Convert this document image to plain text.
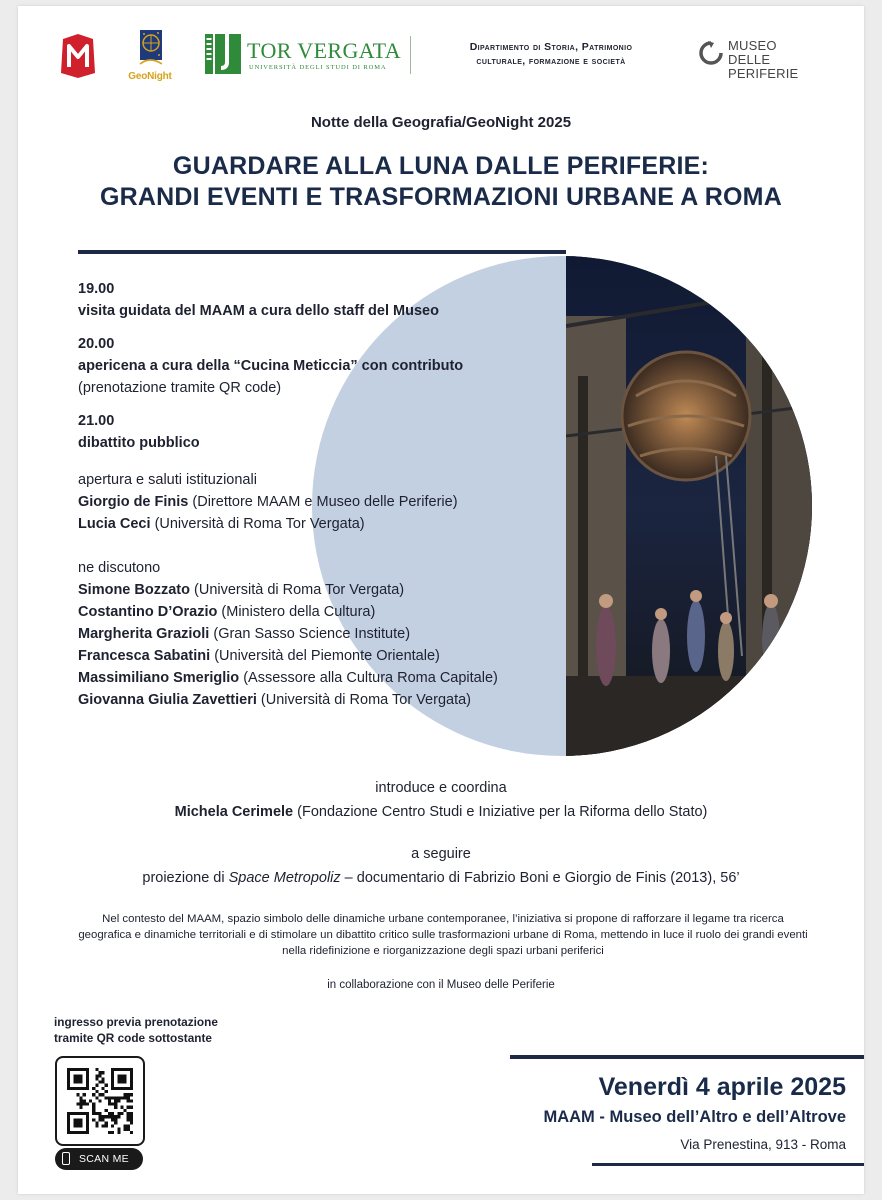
GeoNight
TOR VERGATA
UNIVERSITÀ DEGLI STUDI DI ROMA
Dipartimento di Storia, Patrimonio
culturale, formazione e società
MUSEO
DELLE PERIFERIE
Notte della Geografia/GeoNight 2025
GUARDARE ALLA LUNA DALLE PERIFERIE:
GRANDI EVENTI E TRASFORMAZIONI URBANE A ROMA
19.00
visita guidata del MAAM a cura dello staff del Museo
20.00
apericena a cura della “Cucina Meticcia” con contributo
(prenotazione tramite QR code)
21.00
dibattito pubblico
apertura e saluti istituzionali
Giorgio de Finis (Direttore MAAM e Museo delle Periferie)
Lucia Ceci (Università di Roma Tor Vergata)
ne discutono
Simone Bozzato (Università di Roma Tor Vergata)
Costantino D’Orazio (Ministero della Cultura)
Margherita Grazioli (Gran Sasso Science Institute)
Francesca Sabatini (Università del Piemonte Orientale)
Massimiliano Smeriglio (Assessore alla Cultura Roma Capitale)
Giovanna Giulia Zavettieri (Università di Roma Tor Vergata)
introduce e coordina
Michela Cerimele (Fondazione Centro Studi e Iniziative per la Riforma dello Stato)
a seguire
proiezione di Space Metropoliz – documentario di Fabrizio Boni e Giorgio de Finis (2013), 56’
Nel contesto del MAAM, spazio simbolo delle dinamiche urbane contemporanee, l’iniziativa si propone di rafforzare il legame tra ricerca geografica e dinamiche territoriali e di stimolare un dibattito critico sulle trasformazioni urbane di Roma, mettendo in luce il ruolo dei grandi eventi nella ridefinizione e riorganizzazione degli spazi urbani periferici
in collaborazione con il Museo delle Periferie
ingresso previa prenotazione
tramite QR code sottostante
SCAN ME
Venerdì 4 aprile 2025
MAAM - Museo dell’Altro e dell’Altrove
Via Prenestina, 913 - Roma
